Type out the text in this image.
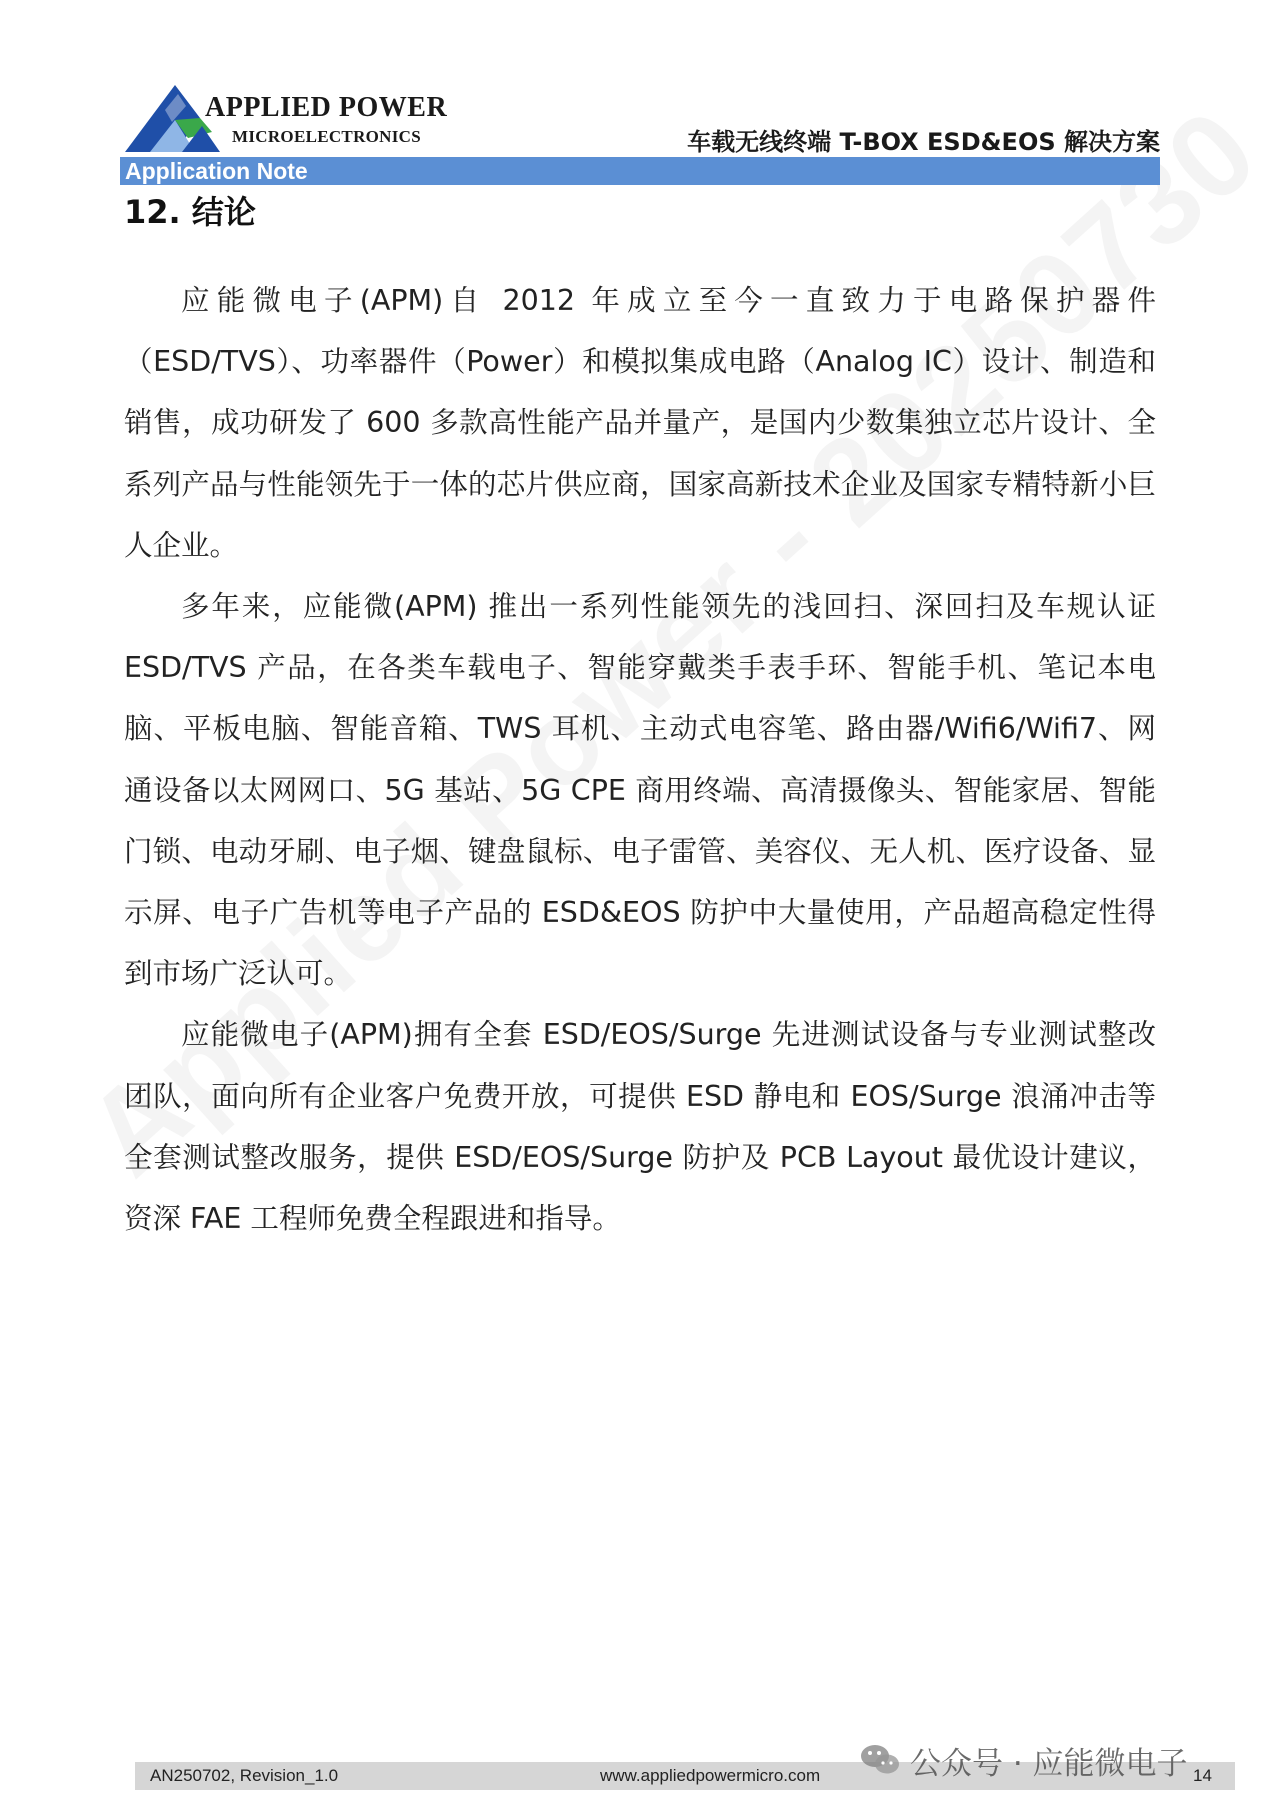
APPLIED POWER
MICROELECTRONICS	车载无线终端 T-BOX ESD&EOS 解决方案
Application Note
12. 结论

应能微电子(APM)自 2012 年成立至今一直致力于电路保护器件（ESD/TVS）、功率器件（Power）和模拟集成电路（Analog IC）设计、制造和销售，成功研发了 600 多款高性能产品并量产，是国内少数集独立芯片设计、全系列产品与性能领先于一体的芯片供应商，国家高新技术企业及国家专精特新小巨人企业。

多年来，应能微(APM) 推出一系列性能领先的浅回扫、深回扫及车规认证 ESD/TVS 产品，在各类车载电子、智能穿戴类手表手环、智能手机、笔记本电脑、平板电脑、智能音箱、TWS 耳机、主动式电容笔、路由器/Wifi6/Wifi7、网通设备以太网网口、5G 基站、5G CPE 商用终端、高清摄像头、智能家居、智能门锁、电动牙刷、电子烟、键盘鼠标、电子雷管、美容仪、无人机、医疗设备、显示屏、电子广告机等电子产品的 ESD&EOS 防护中大量使用，产品超高稳定性得到市场广泛认可。

应能微电子(APM)拥有全套 ESD/EOS/Surge 先进测试设备与专业测试整改团队，面向所有企业客户免费开放，可提供 ESD 静电和 EOS/Surge 浪涌冲击等全套测试整改服务，提供 ESD/EOS/Surge 防护及 PCB Layout 最优设计建议，资深 FAE 工程师免费全程跟进和指导。

AN250702, Revision_1.0	www.appliedpowermicro.com	14
公众号 · 应能微电子
